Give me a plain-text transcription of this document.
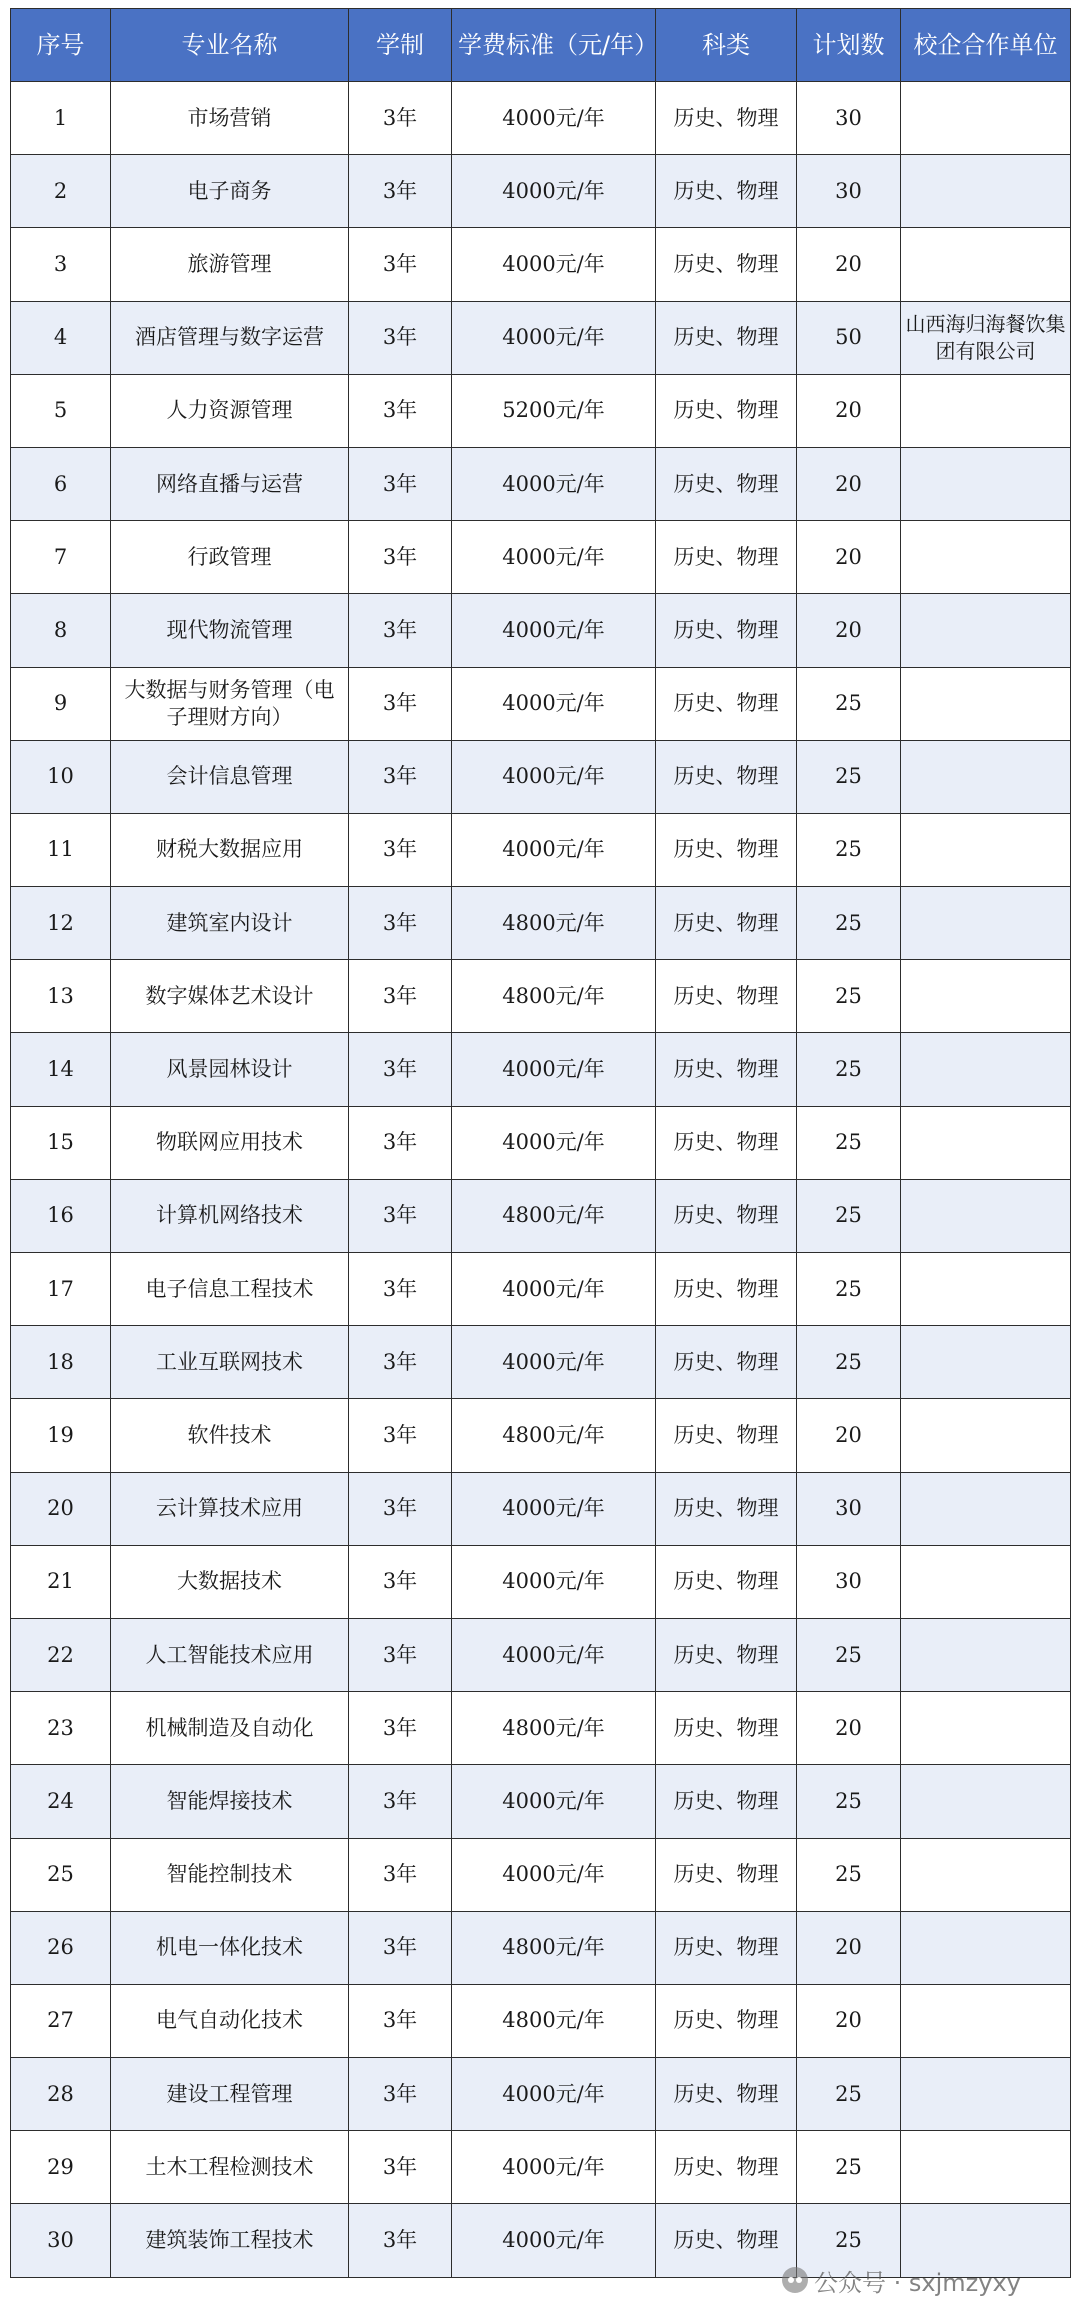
序号	专业名称	学制	学费标准（元/年）	科类	计划数	校企合作单位
1	市场营销	3年	4000元/年	历史、物理	30	
2	电子商务	3年	4000元/年	历史、物理	30	
3	旅游管理	3年	4000元/年	历史、物理	20	
4	酒店管理与数字运营	3年	4000元/年	历史、物理	50	山西海归海餐饮集团有限公司
5	人力资源管理	3年	5200元/年	历史、物理	20	
6	网络直播与运营	3年	4000元/年	历史、物理	20	
7	行政管理	3年	4000元/年	历史、物理	20	
8	现代物流管理	3年	4000元/年	历史、物理	20	
9	大数据与财务管理（电子理财方向）	3年	4000元/年	历史、物理	25	
10	会计信息管理	3年	4000元/年	历史、物理	25	
11	财税大数据应用	3年	4000元/年	历史、物理	25	
12	建筑室内设计	3年	4800元/年	历史、物理	25	
13	数字媒体艺术设计	3年	4800元/年	历史、物理	25	
14	风景园林设计	3年	4000元/年	历史、物理	25	
15	物联网应用技术	3年	4000元/年	历史、物理	25	
16	计算机网络技术	3年	4800元/年	历史、物理	25	
17	电子信息工程技术	3年	4000元/年	历史、物理	25	
18	工业互联网技术	3年	4000元/年	历史、物理	25	
19	软件技术	3年	4800元/年	历史、物理	20	
20	云计算技术应用	3年	4000元/年	历史、物理	30	
21	大数据技术	3年	4000元/年	历史、物理	30	
22	人工智能技术应用	3年	4000元/年	历史、物理	25	
23	机械制造及自动化	3年	4800元/年	历史、物理	20	
24	智能焊接技术	3年	4000元/年	历史、物理	25	
25	智能控制技术	3年	4000元/年	历史、物理	25	
26	机电一体化技术	3年	4800元/年	历史、物理	20	
27	电气自动化技术	3年	4800元/年	历史、物理	20	
28	建设工程管理	3年	4000元/年	历史、物理	25	
29	土木工程检测技术	3年	4000元/年	历史、物理	25	
30	建筑装饰工程技术	3年	4000元/年	历史、物理	25	
公众号 · sxjmzyxy
